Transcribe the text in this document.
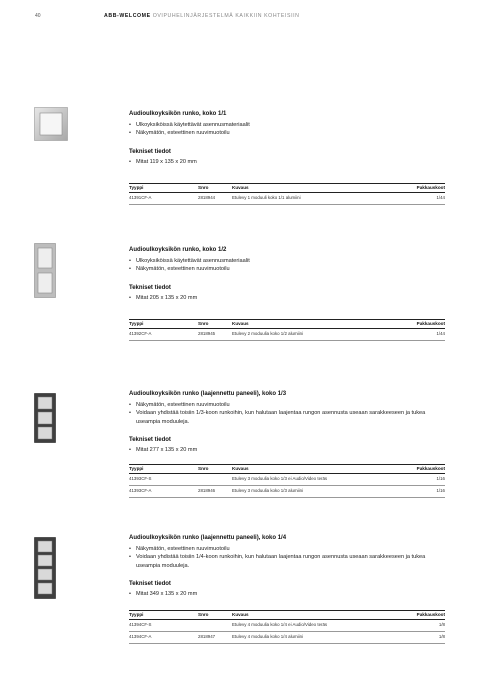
40	ABB-WELCOME OVIPUHELINJÄRJESTELMÄ KAIKKIIN KOHTEISIIN
Audioulkoyksikön runko, koko 1/1
• Ulkoyksiköissä käytettävät asennusmateriaalit
• Näkymätön, esteettinen ruuvimuotoilu
Tekniset tiedot
• Mitat 119 x 135 x 20 mm
Tyyppi	Snro	Kuvaus	Pakkauskoot
41391CF-A	2818944	Etulevy 1 moduuli koko 1/1 alumiini	1/44
Audioulkoyksikön runko, koko 1/2
• Ulkoyksiköissä käytettävät asennusmateriaalit
• Näkymätön, esteettinen ruuvimuotoilu
Tekniset tiedot
• Mitat 205 x 135 x 20 mm
Tyyppi	Snro	Kuvaus	Pakkauskoot
41392CF-A	2818945	Etulevy 2 moduulia koko 1/2 alumiini	1/44
Audioulkoyksikön runko (laajennettu paneeli), koko 1/3
• Näkymätön, esteettinen ruuvimuotoilu
• Voidaan yhdistää toisiin 1/3-koon runkoihin, kun halutaan laajentaa rungon asennusta useaan sarakkeeseen ja tukea useampia moduuleja.
Tekniset tiedot
• Mitat 277 x 135 x 20 mm
Tyyppi	Snro	Kuvaus	Pakkauskoot
41393CF-S		Etulevy 3 moduulia koko 1/3 ei Audio/Video teräs	1/16
41393CF-A	2818946	Etulevy 3 moduulia koko 1/3 alumiini	1/16
Audioulkoyksikön runko (laajennettu paneeli), koko 1/4
• Näkymätön, esteettinen ruuvimuotoilu
• Voidaan yhdistää toisiin 1/4-koon runkoihin, kun halutaan laajentaa rungon asennusta useaan sarakkeeseen ja tukea useampia moduuleja.
Tekniset tiedot
• Mitat 349 x 135 x 20 mm
Tyyppi	Snro	Kuvaus	Pakkauskoot
41394CF-S		Etulevy 4 moduulia koko 1/4 ei Audio/Video teräs	1/8
41394CF-A	2818947	Etulevy 4 moduulia koko 1/4 alumiini	1/8
